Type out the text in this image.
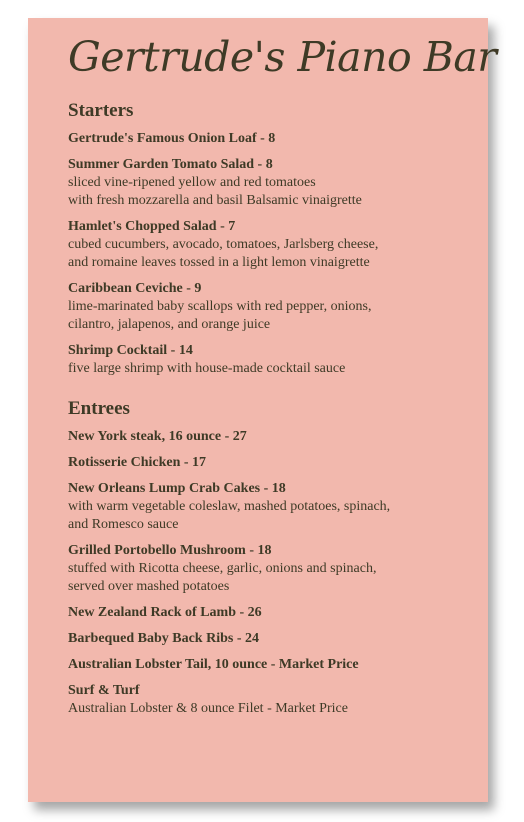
Gertrude's Piano Bar
Starters
Gertrude's Famous Onion Loaf - 8
Summer Garden Tomato Salad - 8
sliced vine-ripened yellow and red tomatoes
with fresh mozzarella and basil Balsamic vinaigrette
Hamlet's Chopped Salad - 7
cubed cucumbers, avocado, tomatoes, Jarlsberg cheese,
and romaine leaves tossed in a light lemon vinaigrette
Caribbean Ceviche - 9
lime-marinated baby scallops with red pepper, onions,
cilantro, jalapenos, and orange juice
Shrimp Cocktail - 14
five large shrimp with house-made cocktail sauce
Entrees
New York steak, 16 ounce - 27
Rotisserie Chicken - 17
New Orleans Lump Crab Cakes - 18
with warm vegetable coleslaw, mashed potatoes, spinach,
and Romesco sauce
Grilled Portobello Mushroom - 18
stuffed with Ricotta cheese, garlic, onions and spinach,
served over mashed potatoes
New Zealand Rack of Lamb - 26
Barbequed Baby Back Ribs - 24
Australian Lobster Tail, 10 ounce - Market Price
Surf & Turf
Australian Lobster & 8 ounce Filet - Market Price
